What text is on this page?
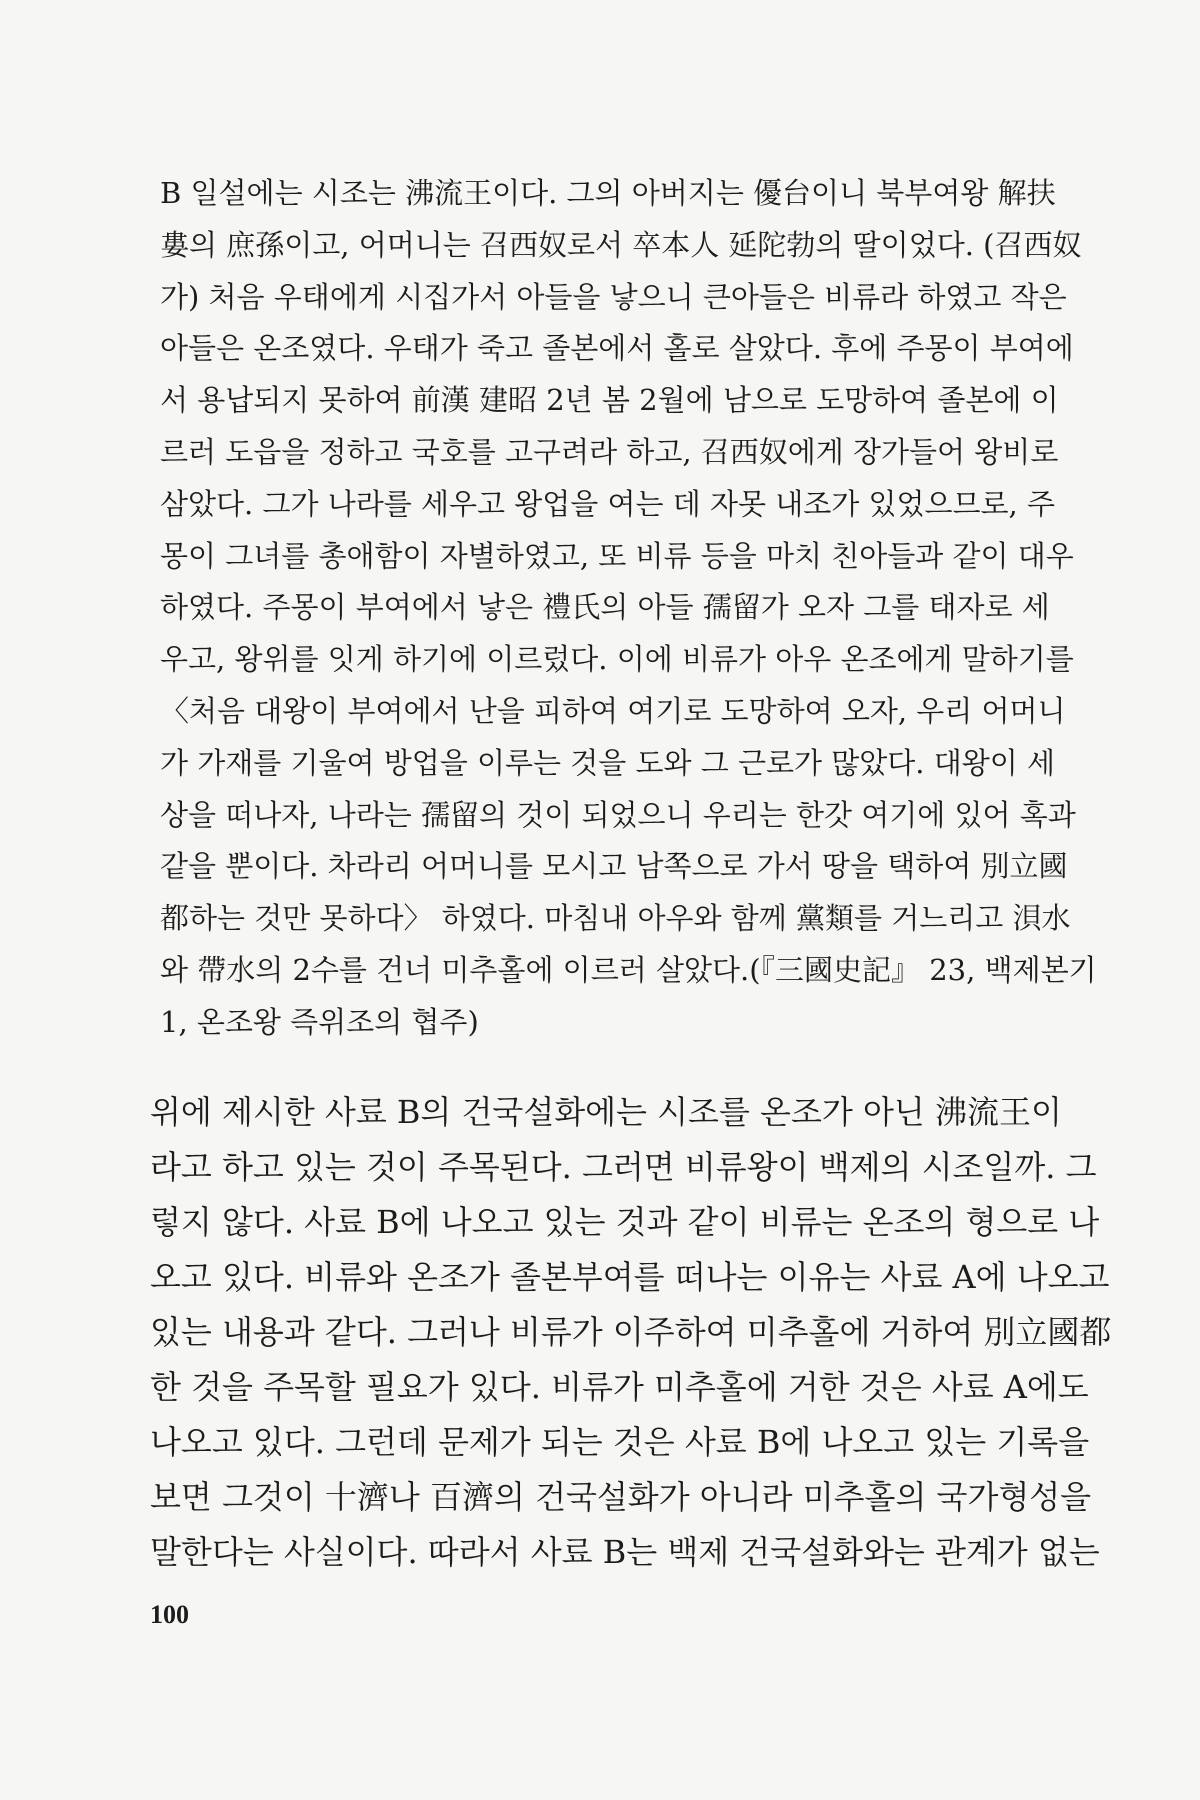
B 일설에는 시조는 沸流王이다. 그의 아버지는 優台이니 북부여왕 解扶
婁의 庶孫이고, 어머니는 召西奴로서 卒本人 延陀勃의 딸이었다. (召西奴
가) 처음 우태에게 시집가서 아들을 낳으니 큰아들은 비류라 하였고 작은
아들은 온조였다. 우태가 죽고 졸본에서 홀로 살았다. 후에 주몽이 부여에
서 용납되지 못하여 前漢 建昭 2년 봄 2월에 남으로 도망하여 졸본에 이
르러 도읍을 정하고 국호를 고구려라 하고, 召西奴에게 장가들어 왕비로
삼았다. 그가 나라를 세우고 왕업을 여는 데 자못 내조가 있었으므로, 주
몽이 그녀를 총애함이 자별하였고, 또 비류 등을 마치 친아들과 같이 대우
하였다. 주몽이 부여에서 낳은 禮氏의 아들 孺留가 오자 그를 태자로 세
우고, 왕위를 잇게 하기에 이르렀다. 이에 비류가 아우 온조에게 말하기를
〈처음 대왕이 부여에서 난을 피하여 여기로 도망하여 오자, 우리 어머니
가 가재를 기울여 방업을 이루는 것을 도와 그 근로가 많았다. 대왕이 세
상을 떠나자, 나라는 孺留의 것이 되었으니 우리는 한갓 여기에 있어 혹과
같을 뿐이다. 차라리 어머니를 모시고 남쪽으로 가서 땅을 택하여 別立國
都하는 것만 못하다〉 하였다. 마침내 아우와 함께 黨類를 거느리고 浿水
와 帶水의 2수를 건너 미추홀에 이르러 살았다.(『三國史記』 23, 백제본기
1, 온조왕 즉위조의 협주)
위에 제시한 사료 B의 건국설화에는 시조를 온조가 아닌 沸流王이
라고 하고 있는 것이 주목된다. 그러면 비류왕이 백제의 시조일까. 그
렇지 않다. 사료 B에 나오고 있는 것과 같이 비류는 온조의 형으로 나
오고 있다. 비류와 온조가 졸본부여를 떠나는 이유는 사료 A에 나오고
있는 내용과 같다. 그러나 비류가 이주하여 미추홀에 거하여 別立國都
한 것을 주목할 필요가 있다. 비류가 미추홀에 거한 것은 사료 A에도
나오고 있다. 그런데 문제가 되는 것은 사료 B에 나오고 있는 기록을
보면 그것이 十濟나 百濟의 건국설화가 아니라 미추홀의 국가형성을
말한다는 사실이다. 따라서 사료 B는 백제 건국설화와는 관계가 없는
100
